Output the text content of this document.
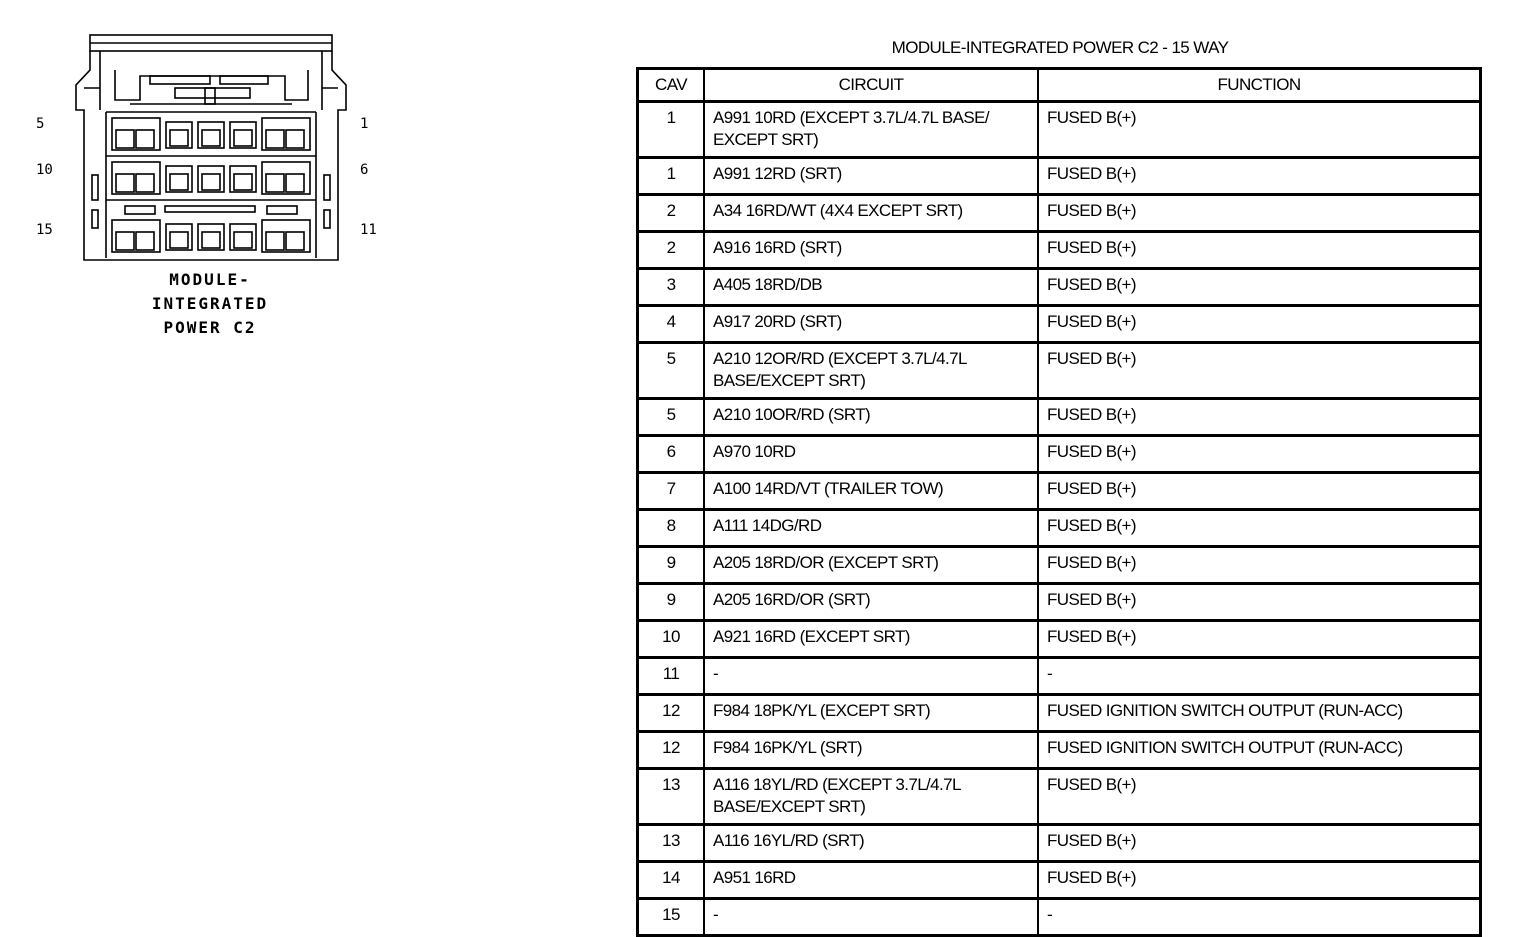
5
10
15
1
6
11
MODULE-
INTEGRATED
POWER C2
MODULE-INTEGRATED POWER C2 - 15 WAY
CAV	CIRCUIT	FUNCTION
1	A991 10RD (EXCEPT 3.7L/4.7L BASE/ EXCEPT SRT)	FUSED B(+)
1	A991 12RD (SRT)	FUSED B(+)
2	A34 16RD/WT (4X4 EXCEPT SRT)	FUSED B(+)
2	A916 16RD (SRT)	FUSED B(+)
3	A405 18RD/DB	FUSED B(+)
4	A917 20RD (SRT)	FUSED B(+)
5	A210 12OR/RD (EXCEPT 3.7L/4.7L BASE/EXCEPT SRT)	FUSED B(+)
5	A210 10OR/RD (SRT)	FUSED B(+)
6	A970 10RD	FUSED B(+)
7	A100 14RD/VT (TRAILER TOW)	FUSED B(+)
8	A111 14DG/RD	FUSED B(+)
9	A205 18RD/OR (EXCEPT SRT)	FUSED B(+)
9	A205 16RD/OR (SRT)	FUSED B(+)
10	A921 16RD (EXCEPT SRT)	FUSED B(+)
11	-	-
12	F984 18PK/YL (EXCEPT SRT)	FUSED IGNITION SWITCH OUTPUT (RUN-ACC)
12	F984 16PK/YL (SRT)	FUSED IGNITION SWITCH OUTPUT (RUN-ACC)
13	A116 18YL/RD (EXCEPT 3.7L/4.7L BASE/EXCEPT SRT)	FUSED B(+)
13	A116 16YL/RD (SRT)	FUSED B(+)
14	A951 16RD	FUSED B(+)
15	-	-
